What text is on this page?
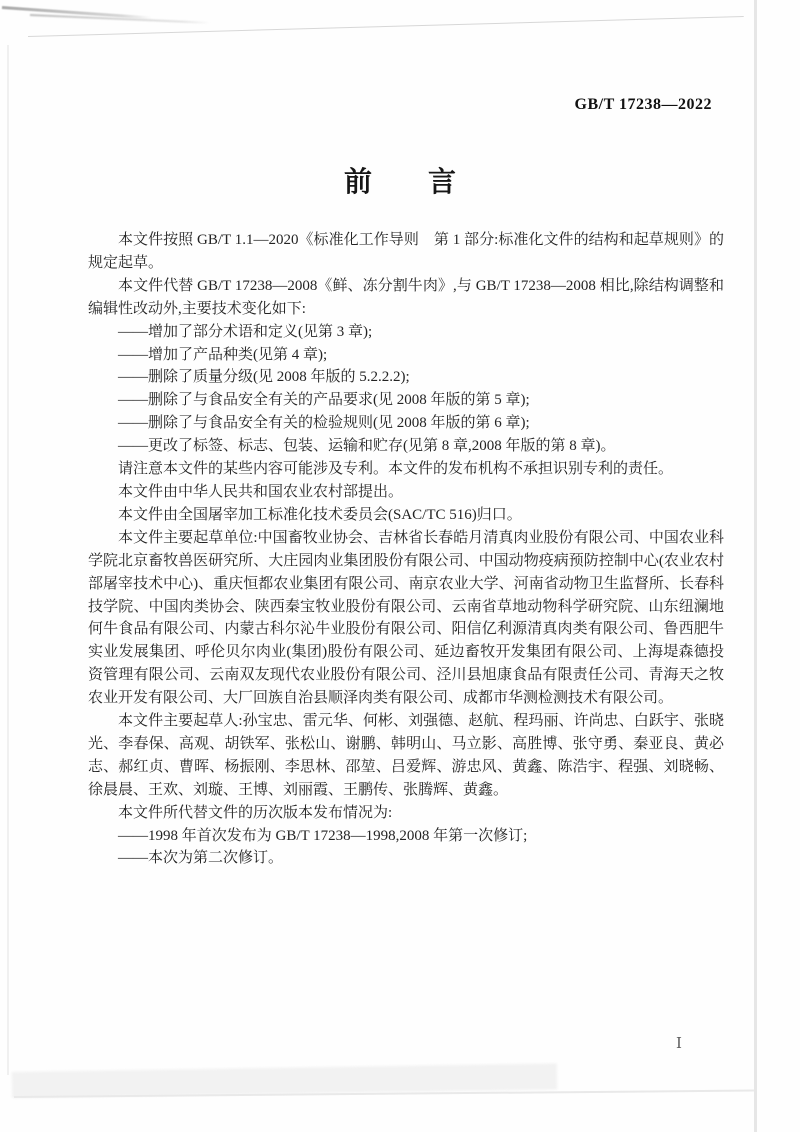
GB/T 17238—2022
前 言

本文件按照 GB/T 1.1—2020《标准化工作导则　第 1 部分:标准化文件的结构和起草规则》的规定起草。

本文件代替 GB/T 17238—2008《鲜、冻分割牛肉》,与 GB/T 17238—2008 相比,除结构调整和编辑性改动外,主要技术变化如下:

——增加了部分术语和定义(见第 3 章);
——增加了产品种类(见第 4 章);
——删除了质量分级(见 2008 年版的 5.2.2.2);
——删除了与食品安全有关的产品要求(见 2008 年版的第 5 章);
——删除了与食品安全有关的检验规则(见 2008 年版的第 6 章);
——更改了标签、标志、包装、运输和贮存(见第 8 章,2008 年版的第 8 章)。

请注意本文件的某些内容可能涉及专利。本文件的发布机构不承担识别专利的责任。

本文件由中华人民共和国农业农村部提出。

本文件由全国屠宰加工标准化技术委员会(SAC/TC 516)归口。

本文件主要起草单位:中国畜牧业协会、吉林省长春皓月清真肉业股份有限公司、中国农业科学院北京畜牧兽医研究所、大庄园肉业集团股份有限公司、中国动物疫病预防控制中心(农业农村部屠宰技术中心)、重庆恒都农业集团有限公司、南京农业大学、河南省动物卫生监督所、长春科技学院、中国肉类协会、陕西秦宝牧业股份有限公司、云南省草地动物科学研究院、山东纽澜地何牛食品有限公司、内蒙古科尔沁牛业股份有限公司、阳信亿利源清真肉类有限公司、鲁西肥牛实业发展集团、呼伦贝尔肉业(集团)股份有限公司、延边畜牧开发集团有限公司、上海堤森德投资管理有限公司、云南双友现代农业股份有限公司、泾川县旭康食品有限责任公司、青海天之牧农业开发有限公司、大厂回族自治县顺泽肉类有限公司、成都市华测检测技术有限公司。

本文件主要起草人:孙宝忠、雷元华、何彬、刘强德、赵航、程玛丽、许尚忠、白跃宇、张晓光、李春保、高观、胡铁军、张松山、谢鹏、韩明山、马立影、高胜博、张守勇、秦亚良、黄必志、郝红贞、曹晖、杨振刚、李思林、邵堃、吕爱辉、游忠风、黄鑫、陈浩宇、程强、刘晓畅、徐晨晨、王欢、刘璇、王博、刘丽霞、王鹏传、张腾辉、黄鑫。

本文件所代替文件的历次版本发布情况为:

——1998 年首次发布为 GB/T 17238—1998,2008 年第一次修订;
——本次为第二次修订。
Ⅰ
